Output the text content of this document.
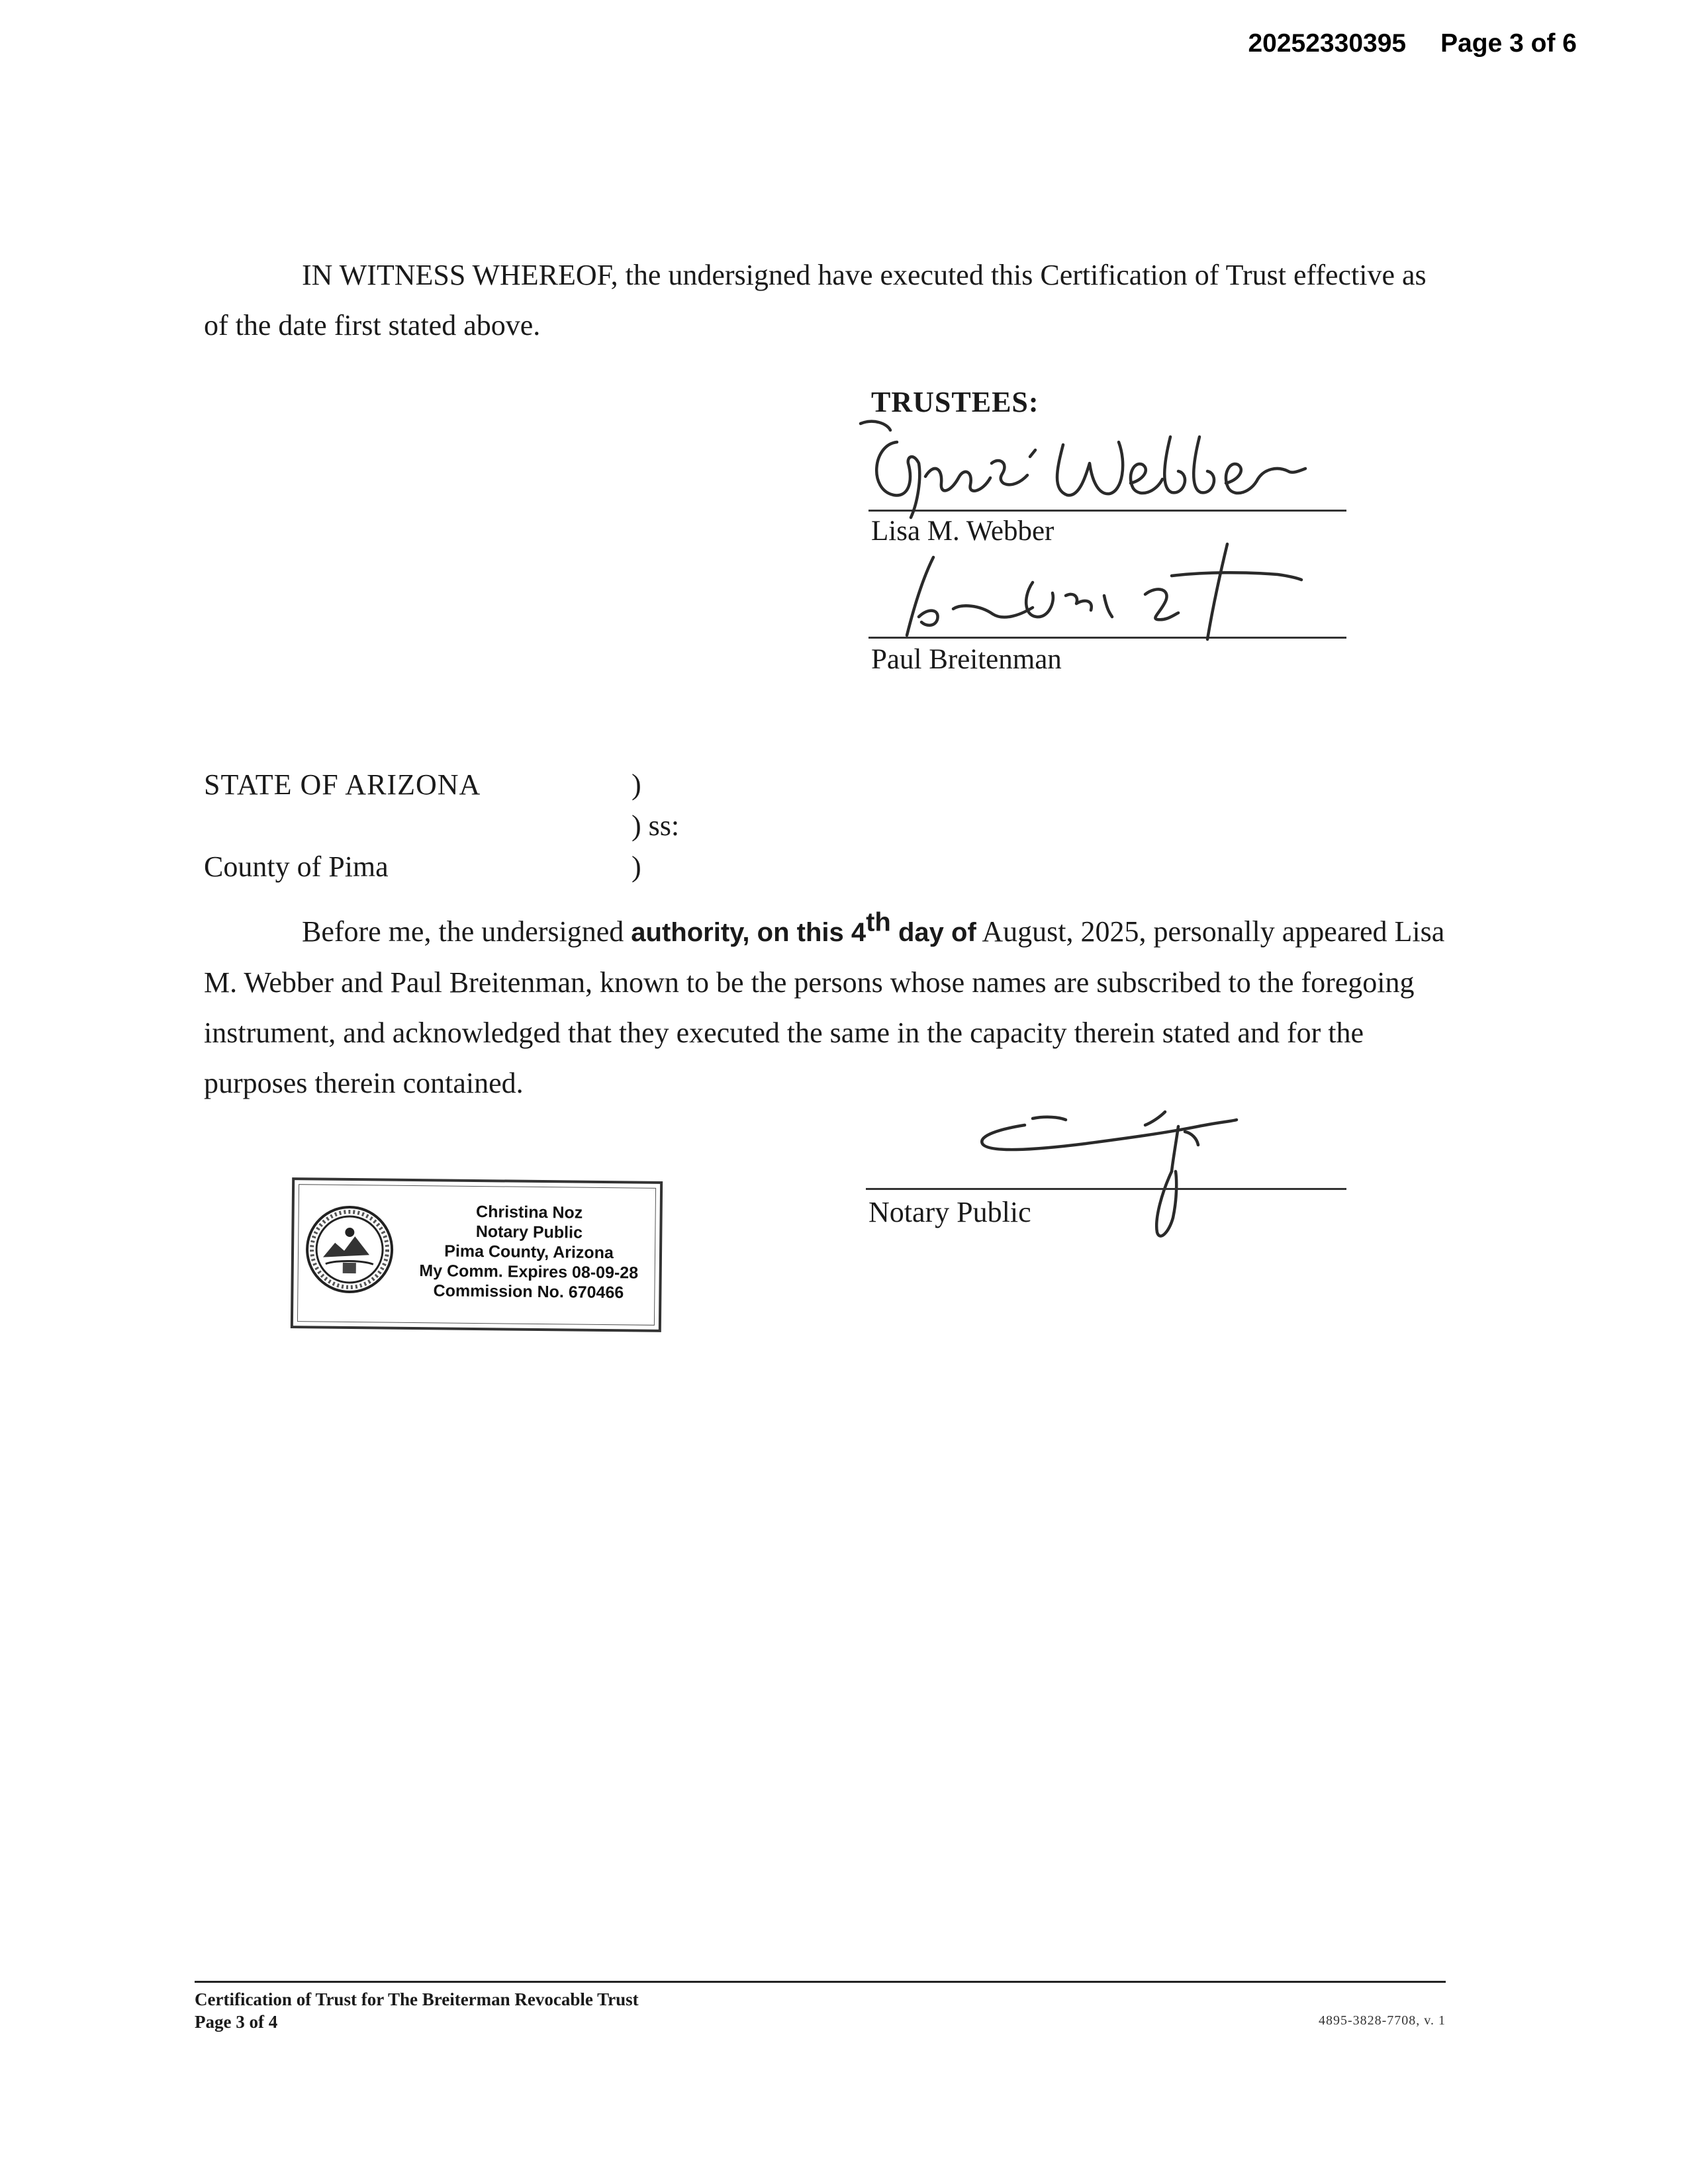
20252330395 Page 3 of 6
IN WITNESS WHEREOF, the undersigned have executed this Certification of Trust effective as of the date first stated above.
TRUSTEES:
Lisa M. Webber
Paul Breitenman
STATE OF ARIZONA	)
) ss:
County of Pima	)
Before me, the undersigned authority, on this 4th day of August, 2025, personally appeared Lisa M. Webber and Paul Breitenman, known to be the persons whose names are subscribed to the foregoing instrument, and acknowledged that they executed the same in the capacity therein stated and for the purposes therein contained.
Notary Public
Christina Noz
Notary Public
Pima County, Arizona
My Comm. Expires 08-09-28
Commission No. 670466
Certification of Trust for The Breiterman Revocable Trust
Page 3 of 4	4895-3828-7708, v. 1
